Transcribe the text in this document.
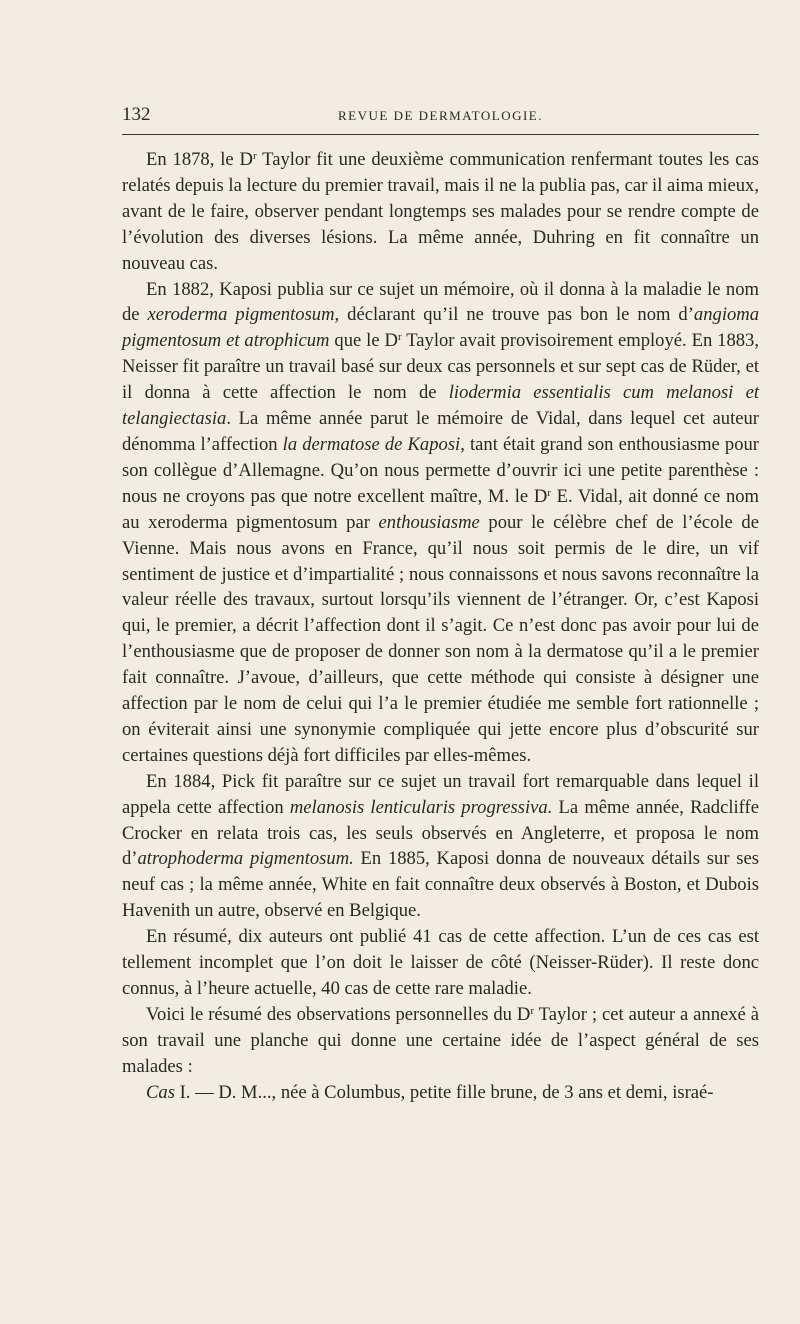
132	REVUE DE DERMATOLOGIE.

En 1878, le $D^r$ Taylor fit une deuxième communication renfermant toutes les cas relatés depuis la lecture du premier travail, mais il ne la publia pas, car il aima mieux, avant de le faire, observer pendant longtemps ses malades pour se rendre compte de l’évolution des diverses lésions. La même année, Duhring en fit connaître un nouveau cas.

En 1882, Kaposi publia sur ce sujet un mémoire, où il donna à la maladie le nom de xeroderma pigmentosum, déclarant qu’il ne trouve pas bon le nom d’angioma pigmentosum et atrophicum que le $D^r$ Taylor avait provisoirement employé. En 1883, Neisser fit paraître un travail basé sur deux cas personnels et sur sept cas de Rüder, et il donna à cette affection le nom de liodermia essentialis cum melanosi et telangiectasia. La même année parut le mémoire de Vidal, dans lequel cet auteur dénomma l’affection la dermatose de Kaposi, tant était grand son enthousiasme pour son collègue d’Allemagne. Qu’on nous permette d’ouvrir ici une petite parenthèse : nous ne croyons pas que notre excellent maître, M. le $D^r$ E. Vidal, ait donné ce nom au xeroderma pigmentosum par enthousiasme pour le célèbre chef de l’école de Vienne. Mais nous avons en France, qu’il nous soit permis de le dire, un vif sentiment de justice et d’impartialité ; nous connaissons et nous savons reconnaître la valeur réelle des travaux, surtout lorsqu’ils viennent de l’étranger. Or, c’est Kaposi qui, le premier, a décrit l’affection dont il s’agit. Ce n’est donc pas avoir pour lui de l’enthousiasme que de proposer de donner son nom à la dermatose qu’il a le premier fait connaître. J’avoue, d’ailleurs, que cette méthode qui consiste à désigner une affection par le nom de celui qui l’a le premier étudiée me semble fort rationnelle ; on éviterait ainsi une synonymie compliquée qui jette encore plus d’obscurité sur certaines questions déjà fort difficiles par elles-mêmes.

En 1884, Pick fit paraître sur ce sujet un travail fort remarquable dans lequel il appela cette affection melanosis lenticularis progressiva. La même année, Radcliffe Crocker en relata trois cas, les seuls observés en Angleterre, et proposa le nom d’atrophoderma pigmentosum. En 1885, Kaposi donna de nouveaux détails sur ses neuf cas ; la même année, White en fait connaître deux observés à Boston, et Dubois Havenith un autre, observé en Belgique.

En résumé, dix auteurs ont publié 41 cas de cette affection. L’un de ces cas est tellement incomplet que l’on doit le laisser de côté (Neisser-Rüder). Il reste donc connus, à l’heure actuelle, 40 cas de cette rare maladie.

Voici le résumé des observations personnelles du $D^r$ Taylor ; cet auteur a annexé à son travail une planche qui donne une certaine idée de l’aspect général de ses malades :

Cas I. — D. M..., née à Columbus, petite fille brune, de 3 ans et demi, israé-
